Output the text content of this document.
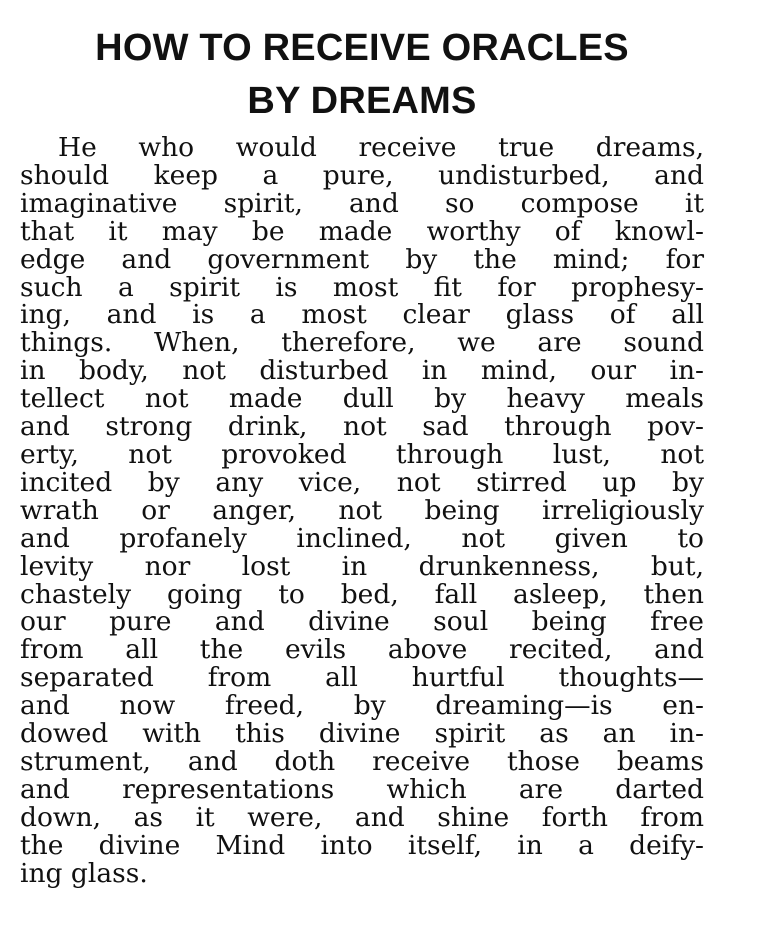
HOW TO RECEIVE ORACLES
BY DREAMS
He who would receive true dreams,
should keep a pure, undisturbed, and
imaginative spirit, and so compose it
that it may be made worthy of knowl-
edge and government by the mind; for
such a spirit is most fit for prophesy-
ing, and is a most clear glass of all
things. When, therefore, we are sound
in body, not disturbed in mind, our in-
tellect not made dull by heavy meals
and strong drink, not sad through pov-
erty, not provoked through lust, not
incited by any vice, not stirred up by
wrath or anger, not being irreligiously
and profanely inclined, not given to
levity nor lost in drunkenness, but,
chastely going to bed, fall asleep, then
our pure and divine soul being free
from all the evils above recited, and
separated from all hurtful thoughts—
and now freed, by dreaming—is en-
dowed with this divine spirit as an in-
strument, and doth receive those beams
and representations which are darted
down, as it were, and shine forth from
the divine Mind into itself, in a deify-
ing glass.
